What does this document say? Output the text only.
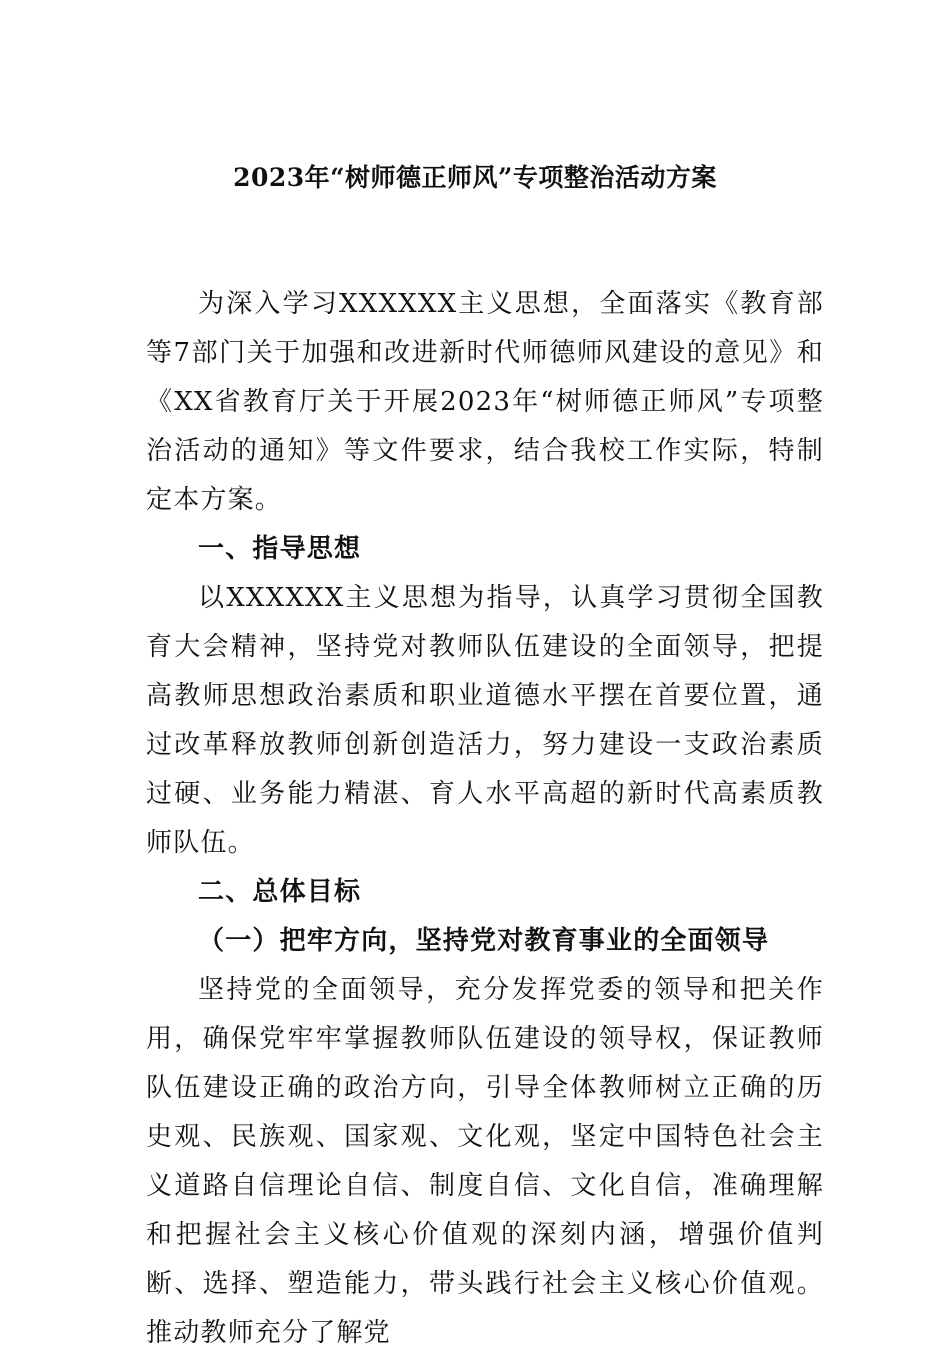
2023年“树师德正师风”专项整治活动方案

为深入学习XXXXXX主义思想，全面落实《教育部等7部门关于加强和改进新时代师德师风建设的意见》和《XX省教育厅关于开展2023年“树师德正师风”专项整治活动的通知》等文件要求，结合我校工作实际，特制定本方案。

一、指导思想

以XXXXXX主义思想为指导，认真学习贯彻全国教育大会精神，坚持党对教师队伍建设的全面领导，把提高教师思想政治素质和职业道德水平摆在首要位置，通过改革释放教师创新创造活力，努力建设一支政治素质过硬、业务能力精湛、育人水平高超的新时代高素质教师队伍。

二、总体目标

（一）把牢方向，坚持党对教育事业的全面领导

坚持党的全面领导，充分发挥党委的领导和把关作用，确保党牢牢掌握教师队伍建设的领导权，保证教师队伍建设正确的政治方向，引导全体教师树立正确的历史观、民族观、国家观、文化观，坚定中国特色社会主义道路自信理论自信、制度自信、文化自信，准确理解和把握社会主义核心价值观的深刻内涵，增强价值判断、选择、塑造能力，带头践行社会主义核心价值观。推动教师充分了解党
